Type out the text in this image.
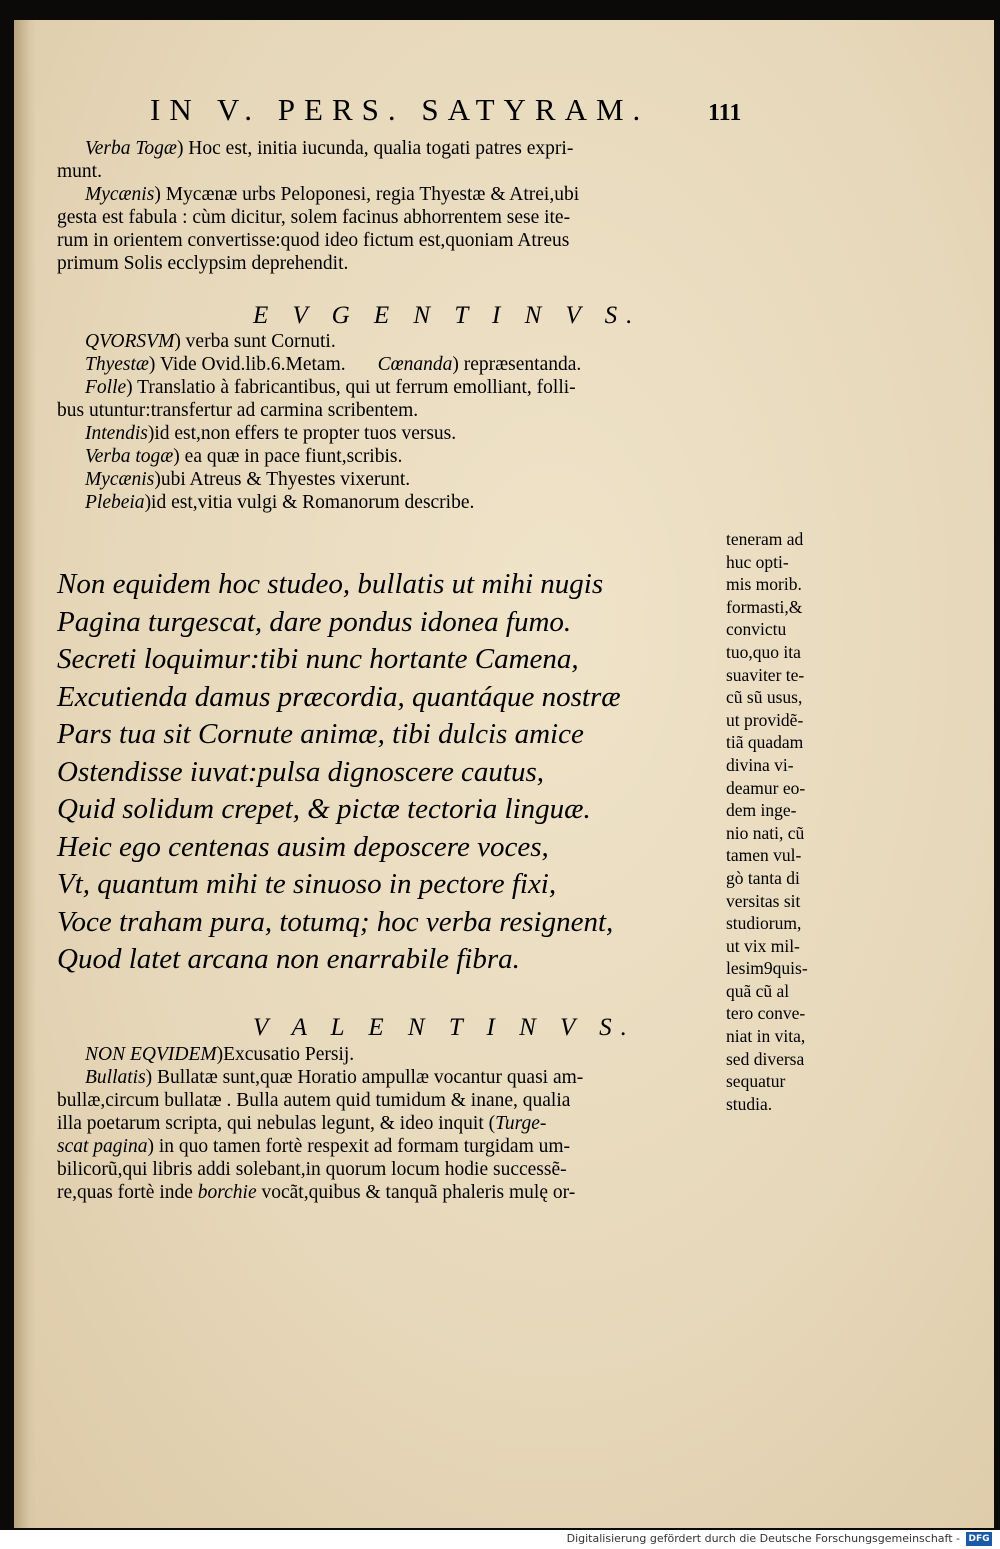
IN V. PERS. SATYRAM.	111
Verba Togæ) Hoc est, initia iucunda, qualia togati patres expri-
munt.
Mycænis) Mycænæ urbs Peloponesi, regia Thyestæ & Atrei,ubi
gesta est fabula : cùm dicitur, solem facinus abhorrentem sese ite-
rum in orientem convertisse:quod ideo fictum est,quoniam Atreus
primum Solis ecclypsim deprehendit.
E V G E N T I N V S.
QVORSVM) verba sunt Cornuti.
Thyestæ) Vide Ovid.lib.6.Metam. Cœnanda) repræsentanda.
Folle) Translatio à fabricantibus, qui ut ferrum emolliant, folli-
bus utuntur:transfertur ad carmina scribentem.
Intendis)id est,non effers te propter tuos versus.
Verba togæ) ea quæ in pace fiunt,scribis.
Mycænis)ubi Atreus & Thyestes vixerunt.
Plebeia)id est,vitia vulgi & Romanorum describe.
Non equidem hoc studeo, bullatis ut mihi nugis
Pagina turgescat, dare pondus idonea fumo.
Secreti loquimur:tibi nunc hortante Camena,
Excutienda damus præcordia, quantáque nostræ
Pars tua sit Cornute animæ, tibi dulcis amice
Ostendisse iuvat:pulsa dignoscere cautus,
Quid solidum crepet, & pictæ tectoria linguæ.
Heic ego centenas ausim deposcere voces,
Vt, quantum mihi te sinuoso in pectore fixi,
Voce traham pura, totumq; hoc verba resignent,
Quod latet arcana non enarrabile fibra.
teneram ad
huc opti-
mis morib.
formasti,&
convictu
tuo,quo ita
suaviter te-
cũ sũ usus,
ut providẽ-
tiã quadam
divina vi-
deamur eo-
dem inge-
nio nati, cũ
tamen vul-
gò tanta di
versitas sit
studiorum,
ut vix mil-
lesim9quis-
quã cũ al
tero conve-
niat in vita,
sed diversa
sequatur
studia.
V A L E N T I N V S.
NON EQVIDEM)Excusatio Persij.
Bullatis) Bullatæ sunt,quæ Horatio ampullæ vocantur quasi am-
bullæ,circum bullatæ . Bulla autem quid tumidum & inane, qualia
illa poetarum scripta, qui nebulas legunt, & ideo inquit (Turge-
scat pagina) in quo tamen fortè respexit ad formam turgidam um-
bilicorũ,qui libris addi solebant,in quorum locum hodie successẽ-
re,quas fortè inde borchie vocãt,quibus & tanquã phaleris mulę or-
Digitalisierung gefördert durch die Deutsche Forschungsgemeinschaft - DFG
